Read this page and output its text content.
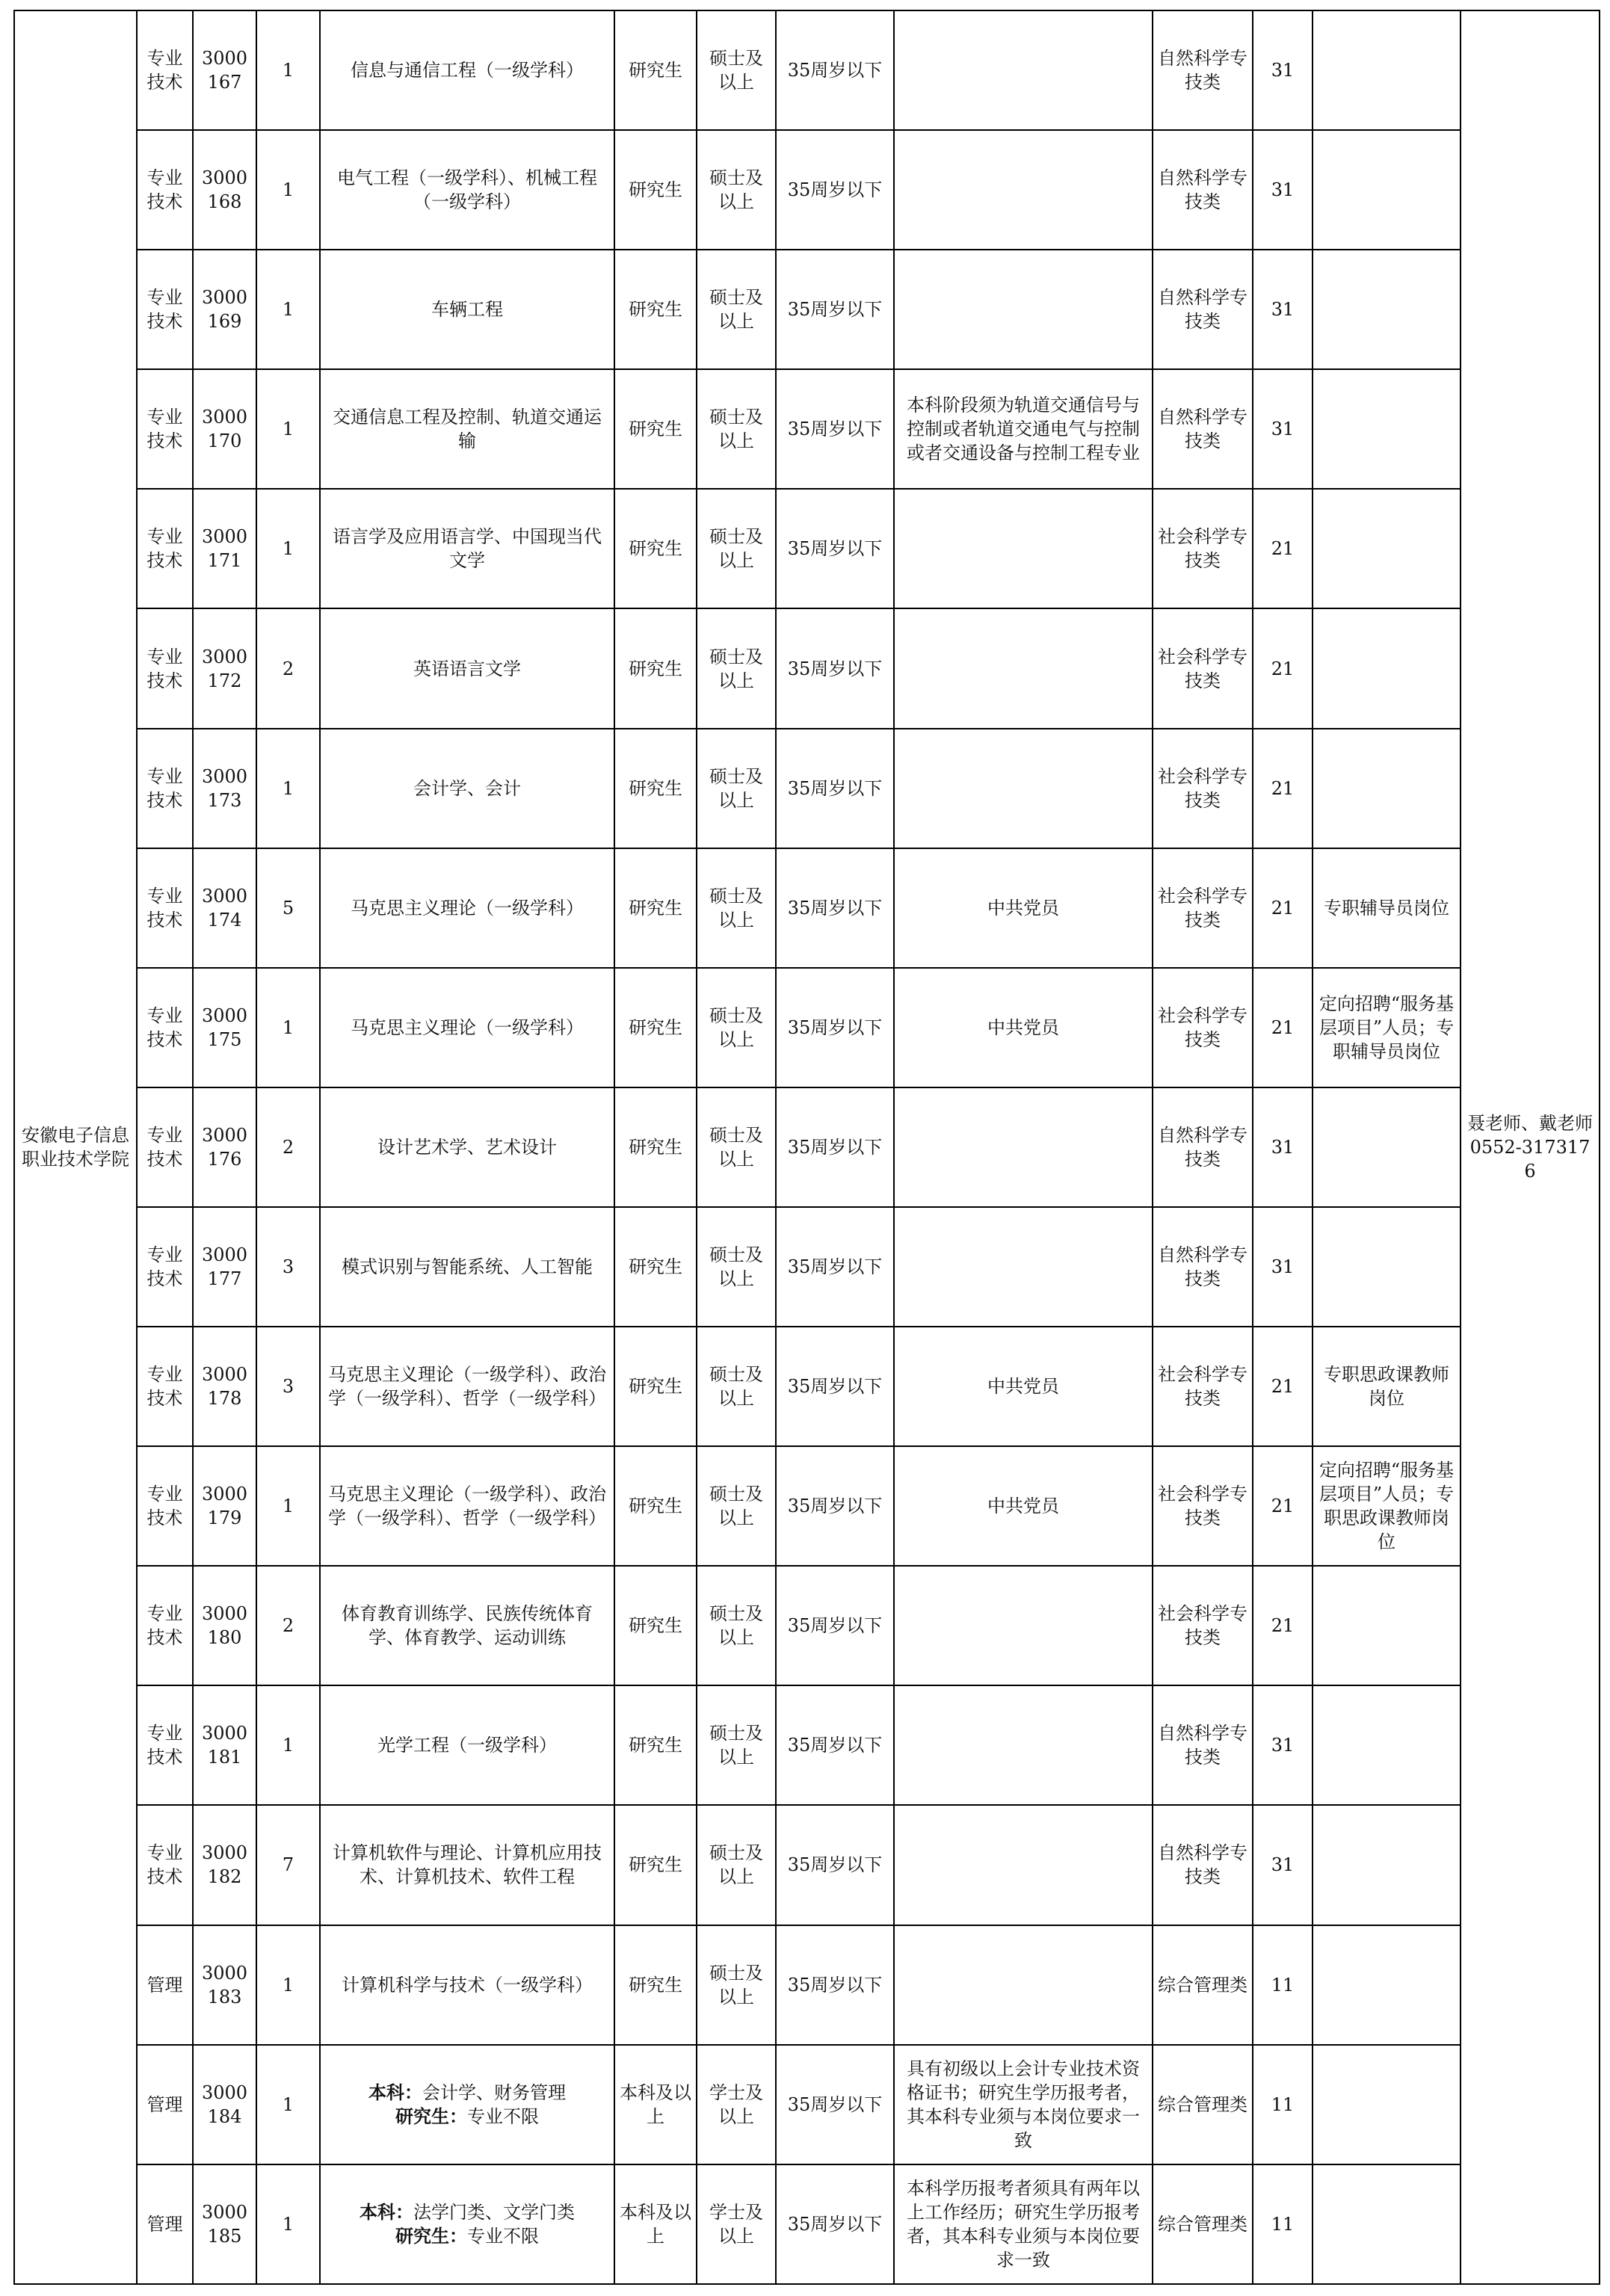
安徽电子信息职业技术学院	专业技术	3000167	1	信息与通信工程（一级学科）	研究生	硕士及以上	35周岁以下		自然科学专技类	31		聂老师、戴老师0552-3173176
	专业技术	3000168	1	电气工程（一级学科）、机械工程（一级学科）	研究生	硕士及以上	35周岁以下		自然科学专技类	31		
	专业技术	3000169	1	车辆工程	研究生	硕士及以上	35周岁以下		自然科学专技类	31		
	专业技术	3000170	1	交通信息工程及控制、轨道交通运输	研究生	硕士及以上	35周岁以下	本科阶段须为轨道交通信号与控制或者轨道交通电气与控制或者交通设备与控制工程专业	自然科学专技类	31		
	专业技术	3000171	1	语言学及应用语言学、中国现当代文学	研究生	硕士及以上	35周岁以下		社会科学专技类	21		
	专业技术	3000172	2	英语语言文学	研究生	硕士及以上	35周岁以下		社会科学专技类	21		
	专业技术	3000173	1	会计学、会计	研究生	硕士及以上	35周岁以下		社会科学专技类	21		
	专业技术	3000174	5	马克思主义理论（一级学科）	研究生	硕士及以上	35周岁以下	中共党员	社会科学专技类	21	专职辅导员岗位	
	专业技术	3000175	1	马克思主义理论（一级学科）	研究生	硕士及以上	35周岁以下	中共党员	社会科学专技类	21	定向招聘“服务基层项目”人员；专职辅导员岗位	
	专业技术	3000176	2	设计艺术学、艺术设计	研究生	硕士及以上	35周岁以下		自然科学专技类	31		
	专业技术	3000177	3	模式识别与智能系统、人工智能	研究生	硕士及以上	35周岁以下		自然科学专技类	31		
	专业技术	3000178	3	马克思主义理论（一级学科）、政治学（一级学科）、哲学（一级学科）	研究生	硕士及以上	35周岁以下	中共党员	社会科学专技类	21	专职思政课教师岗位	
	专业技术	3000179	1	马克思主义理论（一级学科）、政治学（一级学科）、哲学（一级学科）	研究生	硕士及以上	35周岁以下	中共党员	社会科学专技类	21	定向招聘“服务基层项目”人员；专职思政课教师岗位	
	专业技术	3000180	2	体育教育训练学、民族传统体育学、体育教学、运动训练	研究生	硕士及以上	35周岁以下		社会科学专技类	21		
	专业技术	3000181	1	光学工程（一级学科）	研究生	硕士及以上	35周岁以下		自然科学专技类	31		
	专业技术	3000182	7	计算机软件与理论、计算机应用技术、计算机技术、软件工程	研究生	硕士及以上	35周岁以下		自然科学专技类	31		
	管理	3000183	1	计算机科学与技术（一级学科）	研究生	硕士及以上	35周岁以下		综合管理类	11		
	管理	3000184	1	本科：会计学、财务管理
研究生：专业不限	本科及以上	学士及以上	35周岁以下	具有初级以上会计专业技术资格证书；研究生学历报考者，其本科专业须与本岗位要求一致	综合管理类	11		
	管理	3000185	1	本科：法学门类、文学门类
研究生：专业不限	本科及以上	学士及以上	35周岁以下	本科学历报考者须具有两年以上工作经历；研究生学历报考者，其本科专业须与本岗位要求一致	综合管理类	11		
